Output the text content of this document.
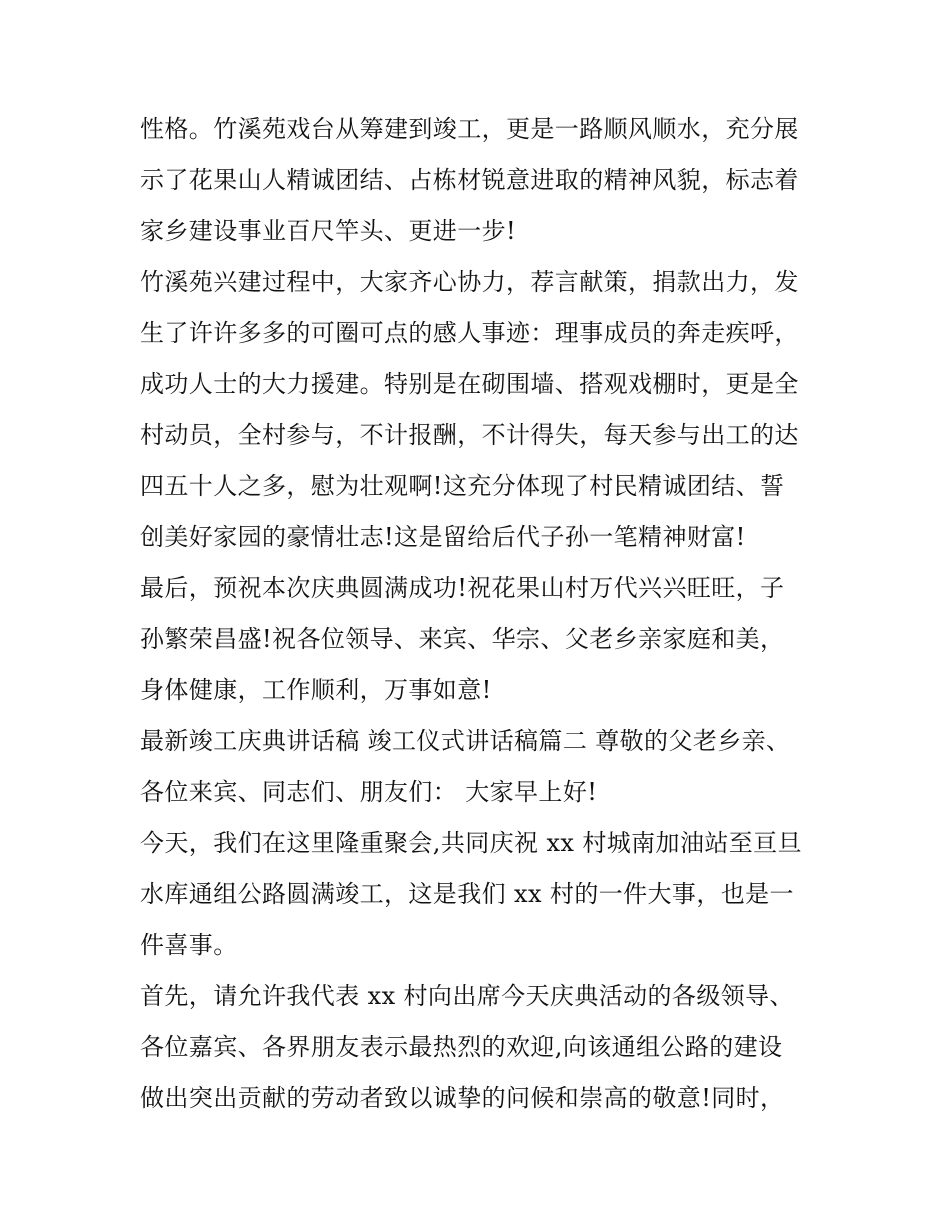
性格。竹溪苑戏台从筹建到竣工，更是一路顺风顺水，充分展
示了花果山人精诚团结、占栋材锐意进取的精神风貌，标志着
家乡建设事业百尺竿头、更进一步!
竹溪苑兴建过程中，大家齐心协力，荐言献策，捐款出力，发
生了许许多多的可圈可点的感人事迹：理事成员的奔走疾呼，
成功人士的大力援建。特别是在砌围墙、搭观戏棚时，更是全
村动员，全村参与，不计报酬，不计得失，每天参与出工的达
四五十人之多，慰为壮观啊!这充分体现了村民精诚团结、誓
创美好家园的豪情壮志!这是留给后代子孙一笔精神财富!
最后，预祝本次庆典圆满成功!祝花果山村万代兴兴旺旺，子
孙繁荣昌盛!祝各位领导、来宾、华宗、父老乡亲家庭和美，
身体健康，工作顺利，万事如意!
最新竣工庆典讲话稿 竣工仪式讲话稿篇二 尊敬的父老乡亲、
各位来宾、同志们、朋友们： 大家早上好!
今天，我们在这里隆重聚会,共同庆祝 xx 村城南加油站至亘旦
水库通组公路圆满竣工，这是我们 xx 村的一件大事，也是一
件喜事。
首先，请允许我代表 xx 村向出席今天庆典活动的各级领导、
各位嘉宾、各界朋友表示最热烈的欢迎,向该通组公路的建设
做出突出贡献的劳动者致以诚挚的问候和崇高的敬意!同时，
